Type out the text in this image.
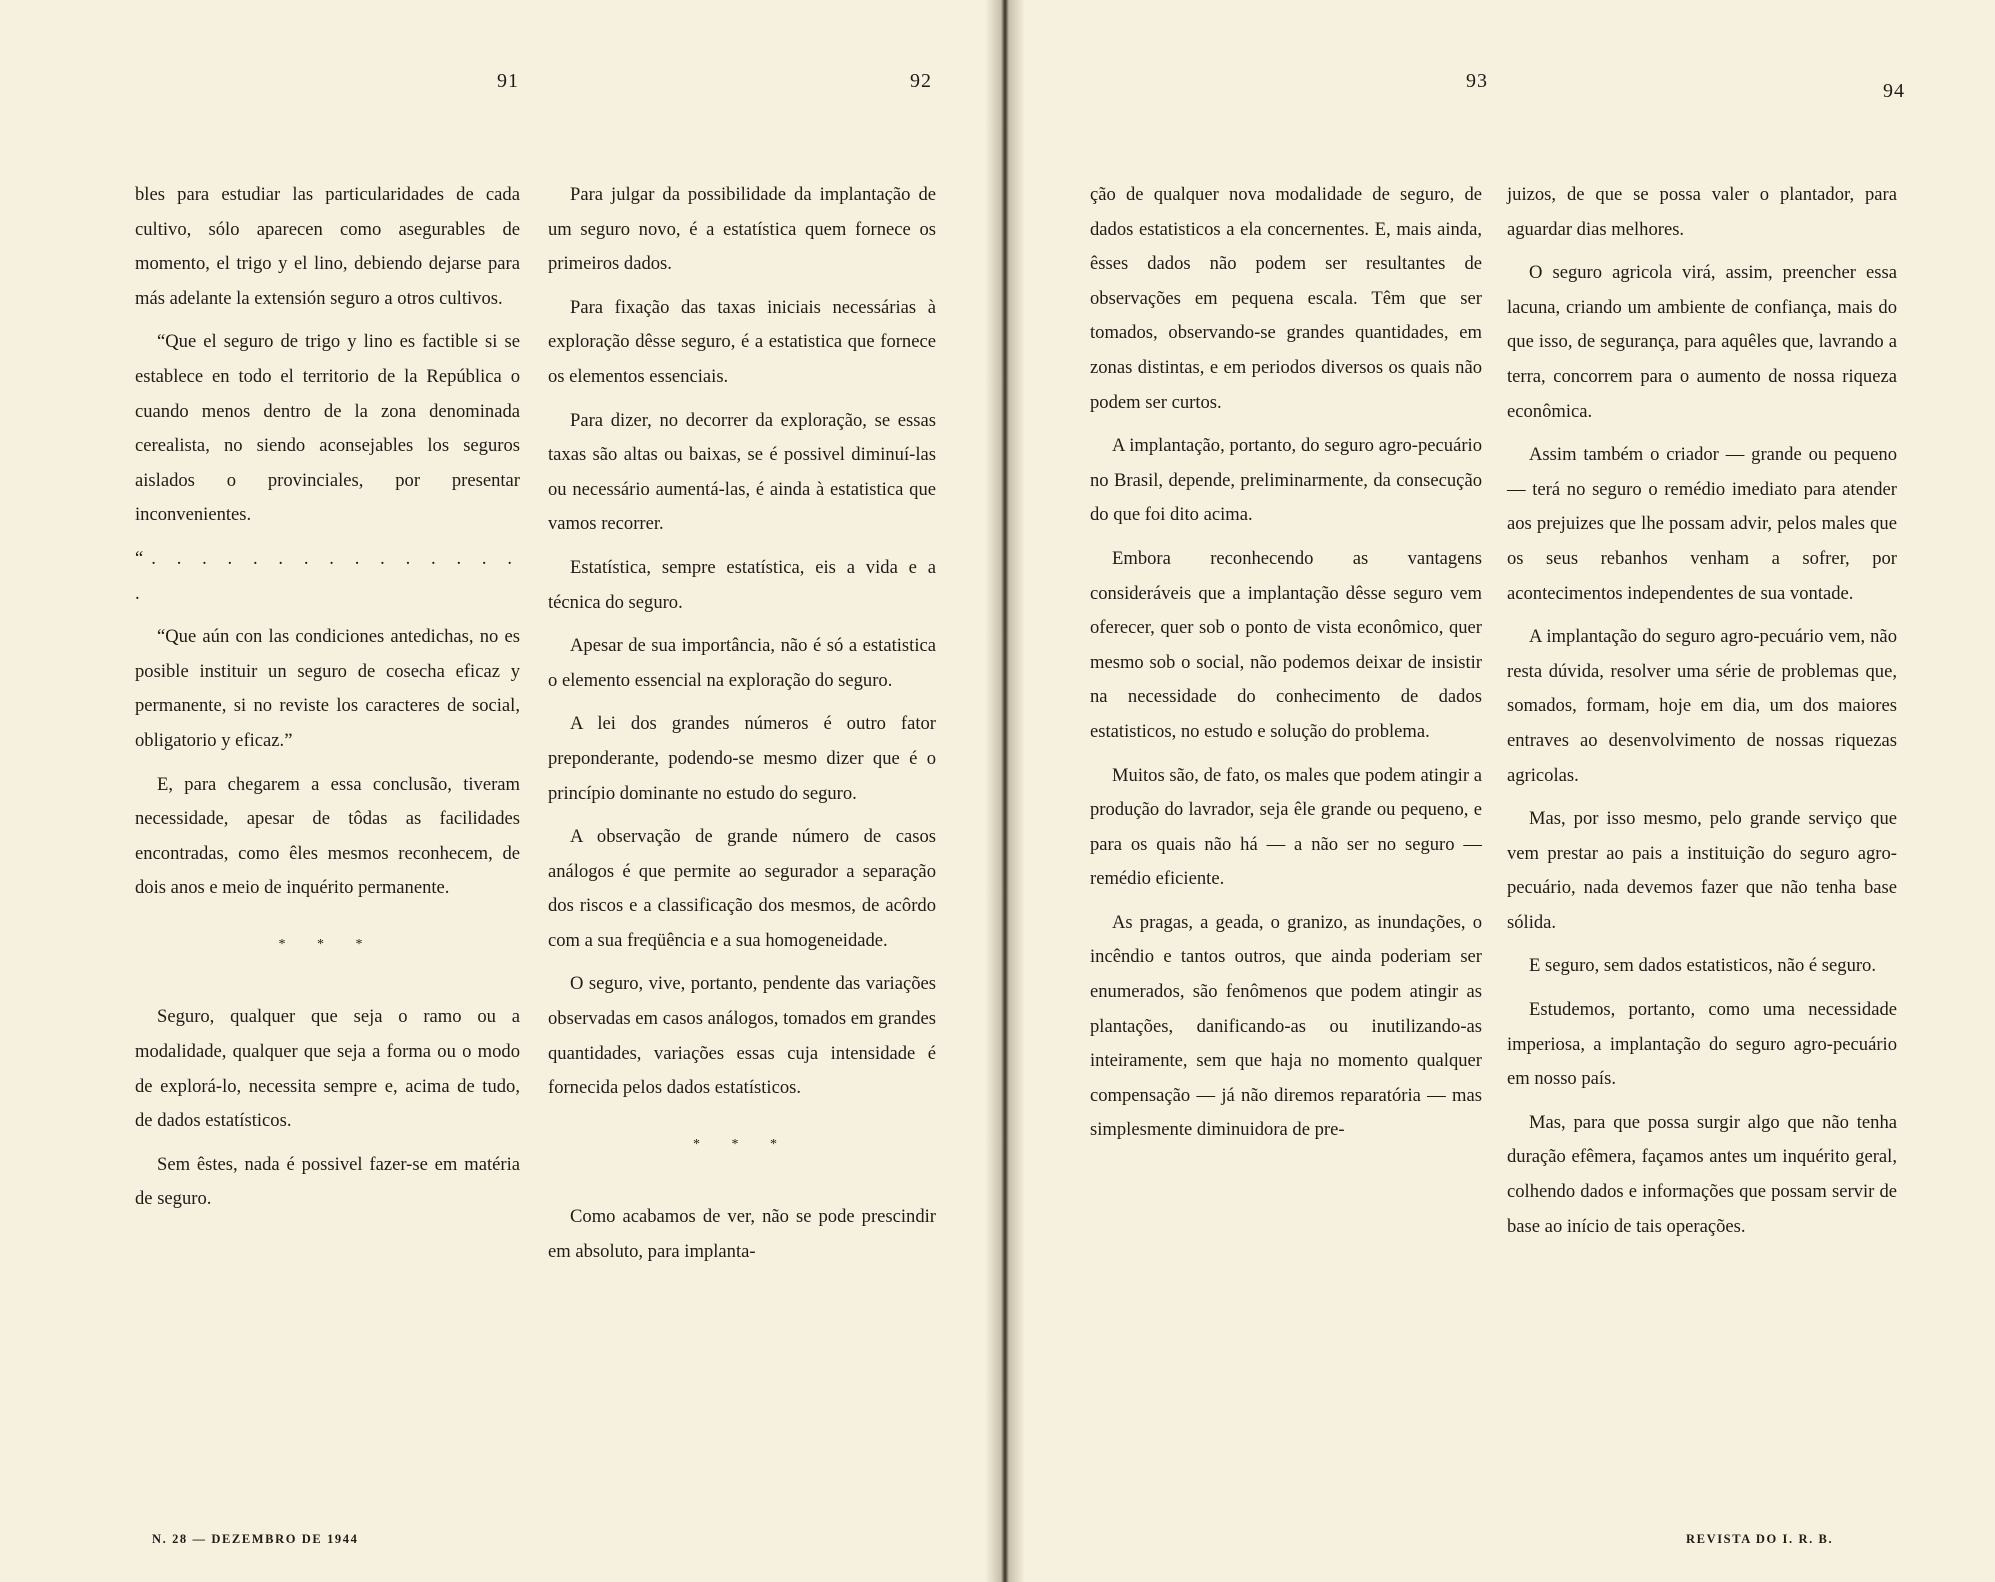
91	92

bles para estudiar las particularidades de cada cultivo, sólo aparecen como asegurables de momento, el trigo y el lino, debiendo dejarse para más adelante la extensión seguro a otros cultivos.

“Que el seguro de trigo y lino es factible si se establece en todo el territorio de la República o cuando menos dentro de la zona denominada cerealista, no siendo aconsejables los seguros aislados o provinciales, por presentar inconvenientes.

“. . . . . . . . . . . . . . . .

“Que aún con las condiciones antedichas, no es posible instituir un seguro de cosecha eficaz y permanente, si no reviste los caracteres de social, obligatorio y eficaz.”

E, para chegarem a essa conclusão, tiveram necessidade, apesar de tôdas as facilidades encontradas, como êles mesmos reconhecem, de dois anos e meio de inquérito permanente.

* * *

Seguro, qualquer que seja o ramo ou a modalidade, qualquer que seja a forma ou o modo de explorá-lo, necessita sempre e, acima de tudo, de dados estatísticos.

Sem êstes, nada é possivel fazer-se em matéria de seguro.

Para julgar da possibilidade da implantação de um seguro novo, é a estatística quem fornece os primeiros dados.

Para fixação das taxas iniciais necessárias à exploração dêsse seguro, é a estatistica que fornece os elementos essenciais.

Para dizer, no decorrer da exploração, se essas taxas são altas ou baixas, se é possivel diminuí-las ou necessário aumentá-las, é ainda à estatistica que vamos recorrer.

Estatística, sempre estatística, eis a vida e a técnica do seguro.

Apesar de sua importância, não é só a estatistica o elemento essencial na exploração do seguro.

A lei dos grandes números é outro fator preponderante, podendo-se mesmo dizer que é o princípio dominante no estudo do seguro.

A observação de grande número de casos análogos é que permite ao segurador a separação dos riscos e a classificação dos mesmos, de acôrdo com a sua freqüência e a sua homogeneidade.

O seguro, vive, portanto, pendente das variações observadas em casos análogos, tomados em grandes quantidades, variações essas cuja intensidade é fornecida pelos dados estatísticos.

* * *

Como acabamos de ver, não se pode prescindir em absoluto, para implanta-

N. 28 — DEZEMBRO DE 1944
93	94

ção de qualquer nova modalidade de seguro, de dados estatisticos a ela concernentes. E, mais ainda, êsses dados não podem ser resultantes de observações em pequena escala. Têm que ser tomados, observando-se grandes quantidades, em zonas distintas, e em periodos diversos os quais não podem ser curtos.

A implantação, portanto, do seguro agro-pecuário no Brasil, depende, preliminarmente, da consecução do que foi dito acima.

Embora reconhecendo as vantagens consideráveis que a implantação dêsse seguro vem oferecer, quer sob o ponto de vista econômico, quer mesmo sob o social, não podemos deixar de insistir na necessidade do conhecimento de dados estatisticos, no estudo e solução do problema.

Muitos são, de fato, os males que podem atingir a produção do lavrador, seja êle grande ou pequeno, e para os quais não há — a não ser no seguro — remédio eficiente.

As pragas, a geada, o granizo, as inundações, o incêndio e tantos outros, que ainda poderiam ser enumerados, são fenômenos que podem atingir as plantações, danificando-as ou inutilizando-as inteiramente, sem que haja no momento qualquer compensação — já não diremos reparatória — mas simplesmente diminuidora de pre-

juizos, de que se possa valer o plantador, para aguardar dias melhores.

O seguro agricola virá, assim, preencher essa lacuna, criando um ambiente de confiança, mais do que isso, de segurança, para aquêles que, lavrando a terra, concorrem para o aumento de nossa riqueza econômica.

Assim também o criador — grande ou pequeno — terá no seguro o remédio imediato para atender aos prejuizes que lhe possam advir, pelos males que os seus rebanhos venham a sofrer, por acontecimentos independentes de sua vontade.

A implantação do seguro agro-pecuário vem, não resta dúvida, resolver uma série de problemas que, somados, formam, hoje em dia, um dos maiores entraves ao desenvolvimento de nossas riquezas agricolas.

Mas, por isso mesmo, pelo grande serviço que vem prestar ao pais a instituição do seguro agro-pecuário, nada devemos fazer que não tenha base sólida.

E seguro, sem dados estatisticos, não é seguro.

Estudemos, portanto, como uma necessidade imperiosa, a implantação do seguro agro-pecuário em nosso país.

Mas, para que possa surgir algo que não tenha duração efêmera, façamos antes um inquérito geral, colhendo dados e informações que possam servir de base ao início de tais operações.

REVISTA DO I. R. B.
